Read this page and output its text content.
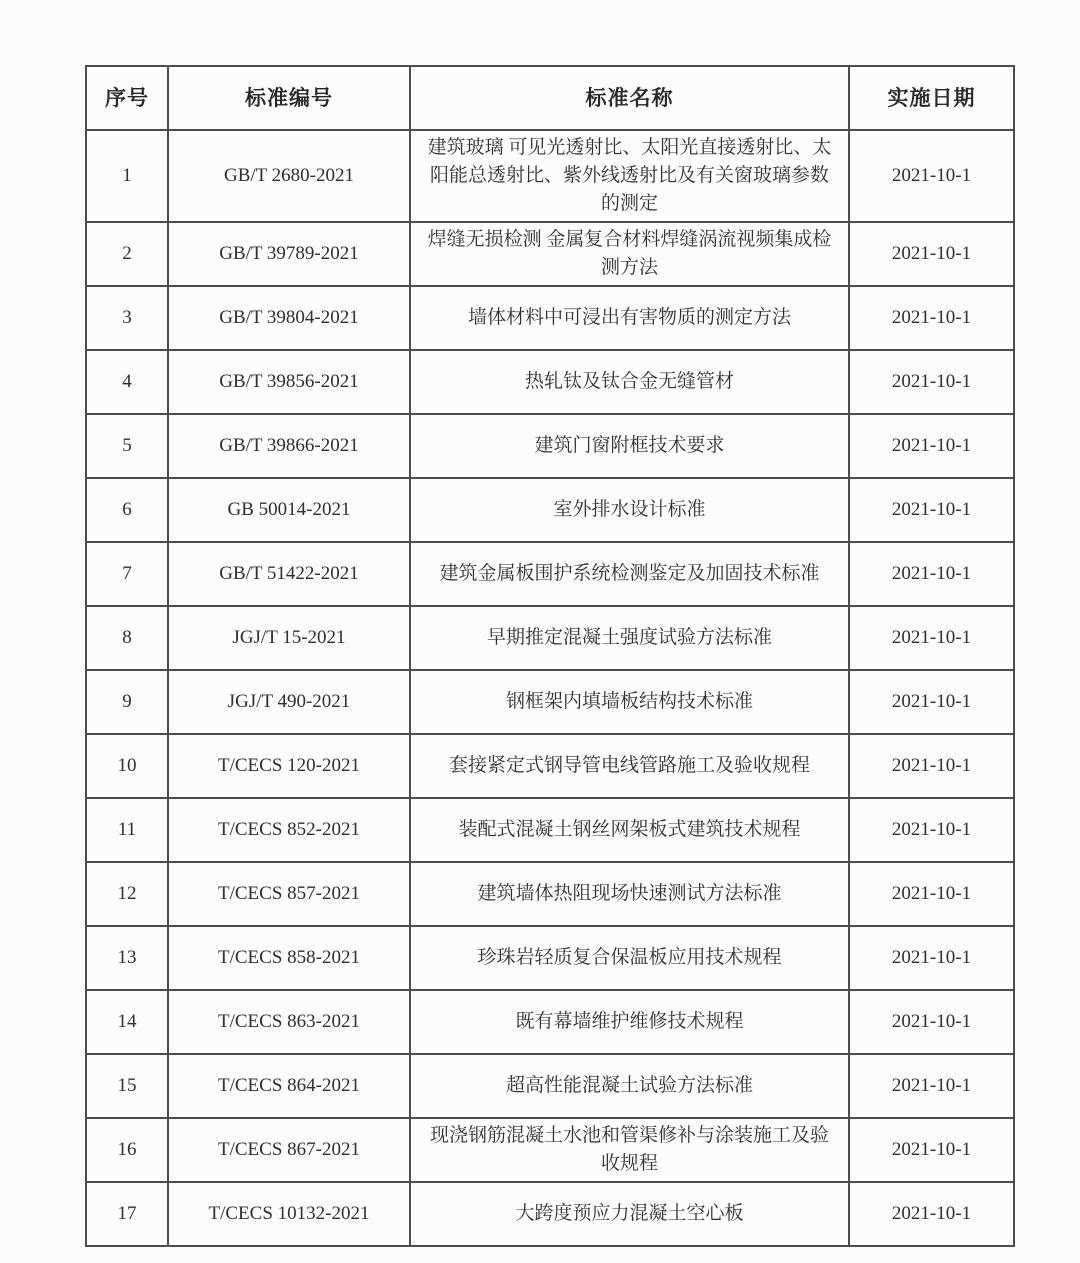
序号	标准编号	标准名称	实施日期
1	GB/T 2680-2021	建筑玻璃 可见光透射比、太阳光直接透射比、太阳能总透射比、紫外线透射比及有关窗玻璃参数的测定	2021-10-1
2	GB/T 39789-2021	焊缝无损检测 金属复合材料焊缝涡流视频集成检测方法	2021-10-1
3	GB/T 39804-2021	墙体材料中可浸出有害物质的测定方法	2021-10-1
4	GB/T 39856-2021	热轧钛及钛合金无缝管材	2021-10-1
5	GB/T 39866-2021	建筑门窗附框技术要求	2021-10-1
6	GB 50014-2021	室外排水设计标准	2021-10-1
7	GB/T 51422-2021	建筑金属板围护系统检测鉴定及加固技术标准	2021-10-1
8	JGJ/T 15-2021	早期推定混凝土强度试验方法标准	2021-10-1
9	JGJ/T 490-2021	钢框架内填墙板结构技术标准	2021-10-1
10	T/CECS 120-2021	套接紧定式钢导管电线管路施工及验收规程	2021-10-1
11	T/CECS 852-2021	装配式混凝土钢丝网架板式建筑技术规程	2021-10-1
12	T/CECS 857-2021	建筑墙体热阻现场快速测试方法标准	2021-10-1
13	T/CECS 858-2021	珍珠岩轻质复合保温板应用技术规程	2021-10-1
14	T/CECS 863-2021	既有幕墙维护维修技术规程	2021-10-1
15	T/CECS 864-2021	超高性能混凝土试验方法标准	2021-10-1
16	T/CECS 867-2021	现浇钢筋混凝土水池和管渠修补与涂装施工及验收规程	2021-10-1
17	T/CECS 10132-2021	大跨度预应力混凝土空心板	2021-10-1
